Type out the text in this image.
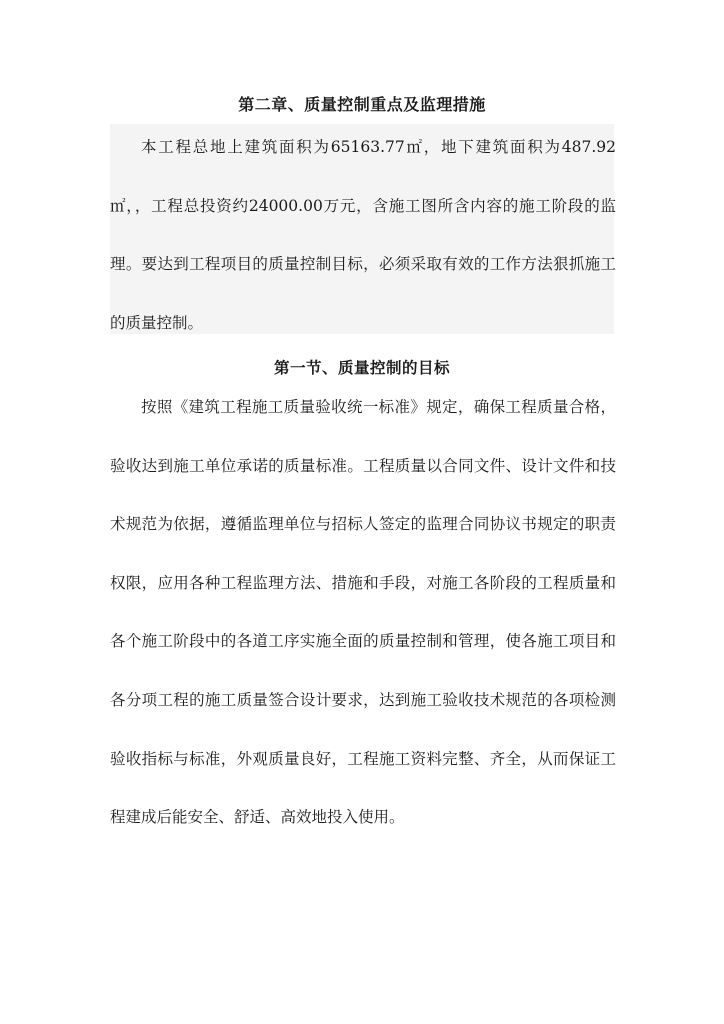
第二章、质量控制重点及监理措施

本工程总地上建筑面积为65163.77㎡，地下建筑面积为487.92㎡，，工程总投资约24000.00万元，含施工图所含内容的施工阶段的监理。要达到工程项目的质量控制目标，必须采取有效的工作方法狠抓施工的质量控制。

第一节、质量控制的目标

按照《建筑工程施工质量验收统一标准》规定，确保工程质量合格，验收达到施工单位承诺的质量标准。工程质量以合同文件、设计文件和技术规范为依据，遵循监理单位与招标人签定的监理合同协议书规定的职责权限，应用各种工程监理方法、措施和手段，对施工各阶段的工程质量和各个施工阶段中的各道工序实施全面的质量控制和管理，使各施工项目和各分项工程的施工质量签合设计要求，达到施工验收技术规范的各项检测验收指标与标准，外观质量良好，工程施工资料完整、齐全，从而保证工程建成后能安全、舒适、高效地投入使用。
